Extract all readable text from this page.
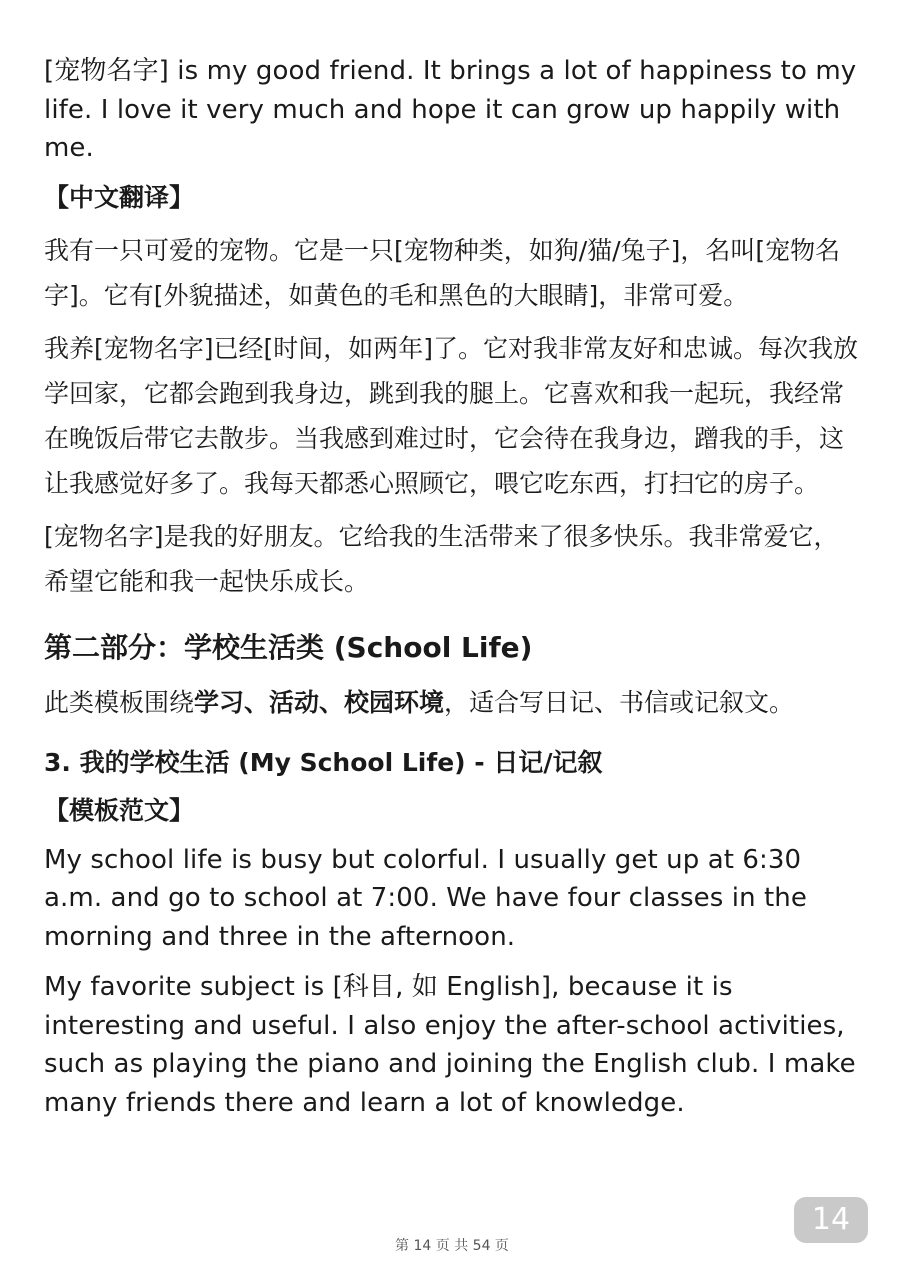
[宠物名字] is my good friend. It brings a lot of happiness to my life. I love it very much and hope it can grow up happily with me.

【中文翻译】

我有一只可爱的宠物。它是一只[宠物种类，如狗/猫/兔子]，名叫[宠物名字]。它有[外貌描述，如黄色的毛和黑色的大眼睛]，非常可爱。

我养[宠物名字]已经[时间，如两年]了。它对我非常友好和忠诚。每次我放学回家，它都会跑到我身边，跳到我的腿上。它喜欢和我一起玩，我经常在晚饭后带它去散步。当我感到难过时，它会待在我身边，蹭我的手，这让我感觉好多了。我每天都悉心照顾它，喂它吃东西，打扫它的房子。

[宠物名字]是我的好朋友。它给我的生活带来了很多快乐。我非常爱它，希望它能和我一起快乐成长。

第二部分：学校生活类 (School Life)

此类模板围绕学习、活动、校园环境，适合写日记、书信或记叙文。

3. 我的学校生活 (My School Life) - 日记/记叙
【模板范文】

My school life is busy but colorful. I usually get up at 6:30 a.m. and go to school at 7:00. We have four classes in the morning and three in the afternoon.

My favorite subject is [科目, 如 English], because it is interesting and useful. I also enjoy the after-school activities, such as playing the piano and joining the English club. I make many friends there and learn a lot of knowledge.

14
第 14 页 共 54 页
